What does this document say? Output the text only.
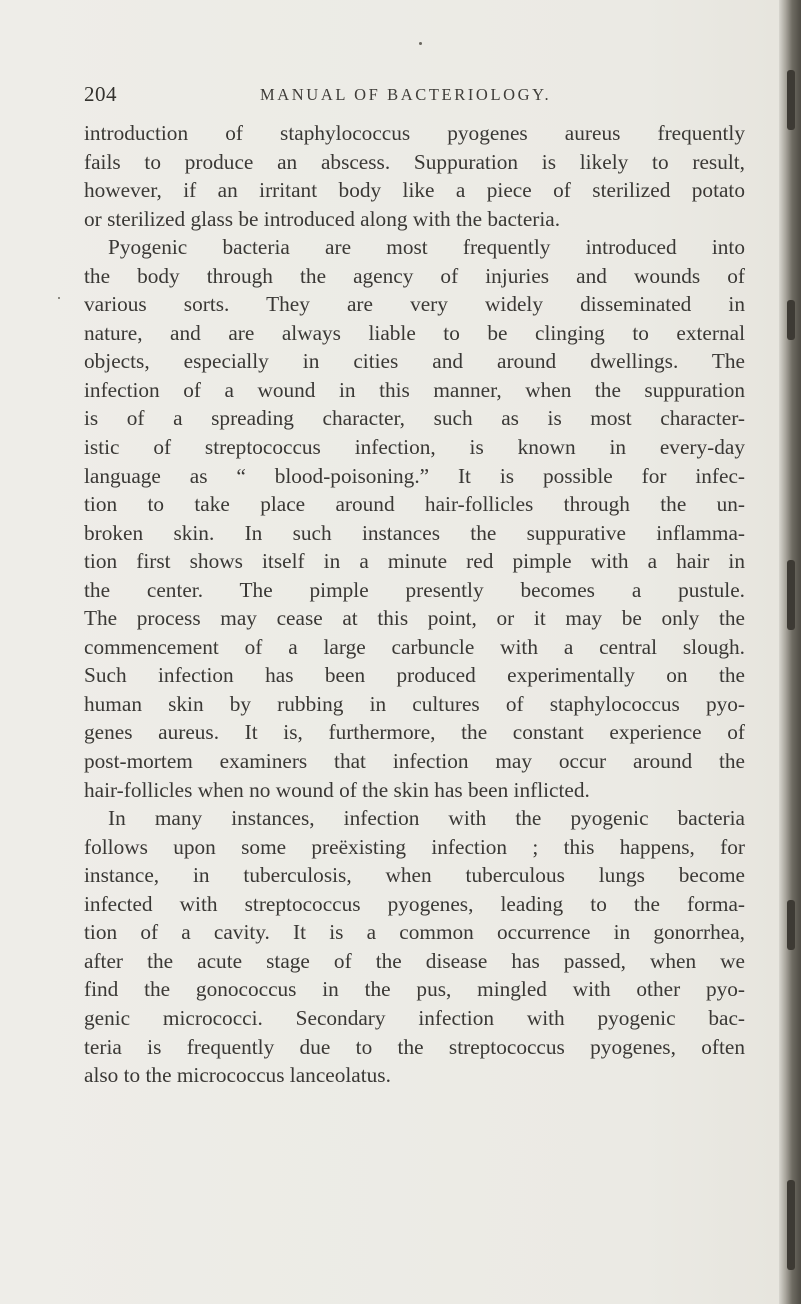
204	MANUAL OF BACTERIOLOGY.
introduction of staphylococcus pyogenes aureus frequently
fails to produce an abscess. Suppuration is likely to result,
however, if an irritant body like a piece of sterilized potato
or sterilized glass be introduced along with the bacteria.
Pyogenic bacteria are most frequently introduced into
the body through the agency of injuries and wounds of
various sorts. They are very widely disseminated in
nature, and are always liable to be clinging to external
objects, especially in cities and around dwellings. The
infection of a wound in this manner, when the suppuration
is of a spreading character, such as is most character-
istic of streptococcus infection, is known in every-day
language as “ blood-poisoning.” It is possible for infec-
tion to take place around hair-follicles through the un-
broken skin. In such instances the suppurative inflamma-
tion first shows itself in a minute red pimple with a hair in
the center. The pimple presently becomes a pustule.
The process may cease at this point, or it may be only the
commencement of a large carbuncle with a central slough.
Such infection has been produced experimentally on the
human skin by rubbing in cultures of staphylococcus pyo-
genes aureus. It is, furthermore, the constant experience of
post-mortem examiners that infection may occur around the
hair-follicles when no wound of the skin has been inflicted.
In many instances, infection with the pyogenic bacteria
follows upon some preëxisting infection ; this happens, for
instance, in tuberculosis, when tuberculous lungs become
infected with streptococcus pyogenes, leading to the forma-
tion of a cavity. It is a common occurrence in gonorrhea,
after the acute stage of the disease has passed, when we
find the gonococcus in the pus, mingled with other pyo-
genic micrococci. Secondary infection with pyogenic bac-
teria is frequently due to the streptococcus pyogenes, often
also to the micrococcus lanceolatus.
